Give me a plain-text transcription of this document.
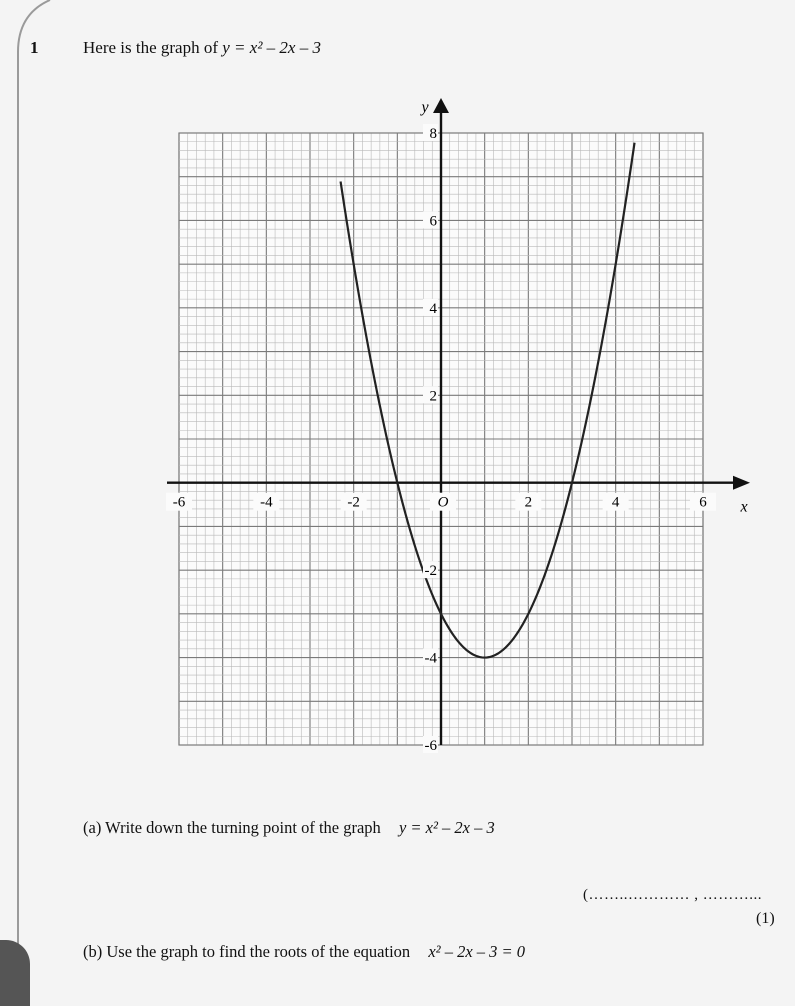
1	Here is the graph of y = x² – 2x – 3
-6	-4	-2	O	2	4	6
8
6
4
2
-2
-4
-6
x
y
(a) Write down the turning point of the graph y = x² – 2x – 3
(……..………… , ………...
(1)
(b) Use the graph to find the roots of the equation x² – 2x – 3 = 0
